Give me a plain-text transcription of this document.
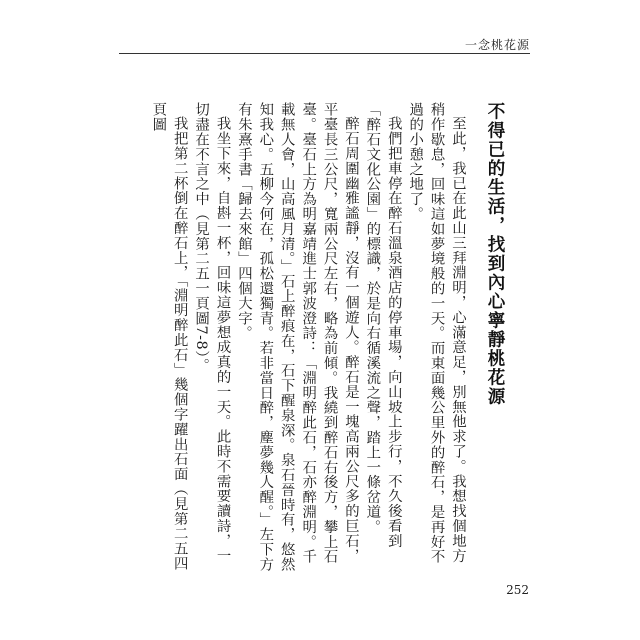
一念桃花源
不得已的生活，找到內心寧靜桃花源

至此，我已在此山三拜淵明，心滿意足，別無他求了。我想找個地方稍作歇息，回味這如夢境般的一天。而東面幾公里外的醉石，是再好不過的小憩之地了。

我們把車停在醉石溫泉酒店的停車場，向山坡上步行，不久後看到「醉石文化公園」的標識，於是向右循溪流之聲，踏上一條岔道。

醉石周圍幽雅謐靜，沒有一個遊人。醉石是一塊高兩公尺多的巨石，平臺長三公尺，寬兩公尺左右，略為前傾。我繞到醉石右後方，攀上石臺。臺石上方為明嘉靖進士郭波澄詩：「淵明醉此石，石亦醉淵明。千載無人會，山高風月清。」石上醉痕在，石下醒泉深。泉石晉時有，悠然知我心。五柳今何在，孤松還獨青。若非當日醉，塵夢幾人醒。」左下方有朱熹手書「歸去來館」四個大字。

我坐下來，自斟一杯，回味這夢想成真的一天。此時不需要讀詩，一切盡在不言之中（見第二五一頁圖7-8）。

我把第二杯倒在醉石上，「淵明醉此石」幾個字躍出石面（見第二五四頁圖

252
